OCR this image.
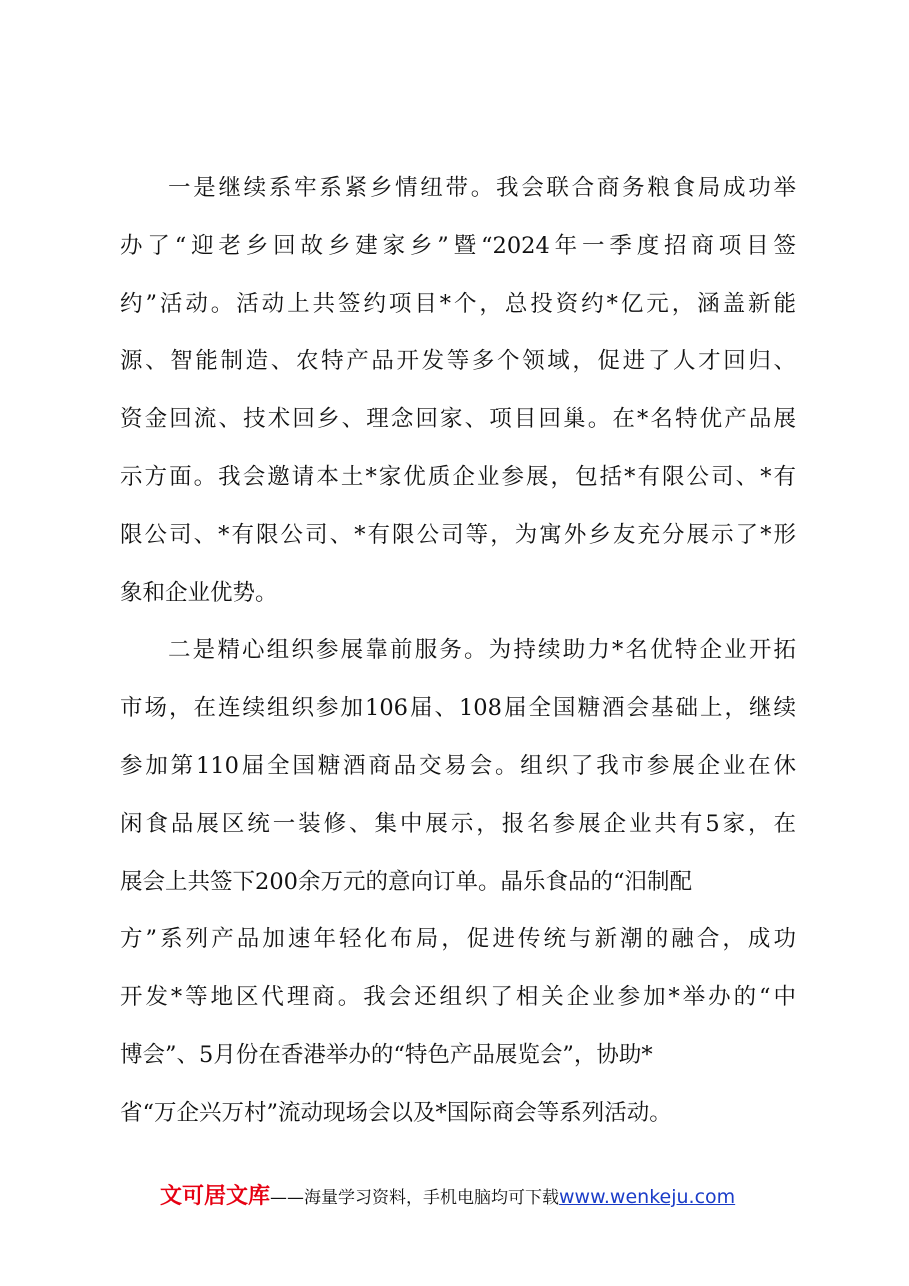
一是继续系牢系紧乡情纽带。我会联合商务粮食局成功举
办了“迎老乡回故乡建家乡”暨“2024年一季度招商项目签
约”活动。活动上共签约项目*个，总投资约*亿元，涵盖新能
源、智能制造、农特产品开发等多个领域，促进了人才回归、
资金回流、技术回乡、理念回家、项目回巢。在*名特优产品展
示方面。我会邀请本土*家优质企业参展，包括*有限公司、*有
限公司、*有限公司、*有限公司等，为寓外乡友充分展示了*形
象和企业优势。
二是精心组织参展靠前服务。为持续助力*名优特企业开拓
市场，在连续组织参加106届、108届全国糖酒会基础上，继续
参加第110届全国糖酒商品交易会。组织了我市参展企业在休
闲食品展区统一装修、集中展示，报名参展企业共有5家，在
展会上共签下200余万元的意向订单。晶乐食品的“汨制配
方”系列产品加速年轻化布局，促进传统与新潮的融合，成功
开发*等地区代理商。我会还组织了相关企业参加*举办的“中
博会”、5月份在香港举办的“特色产品展览会”，协助*
省“万企兴万村”流动现场会以及*国际商会等系列活动。
文可居文库——海量学习资料，手机电脑均可下载www.wenkeju.com
